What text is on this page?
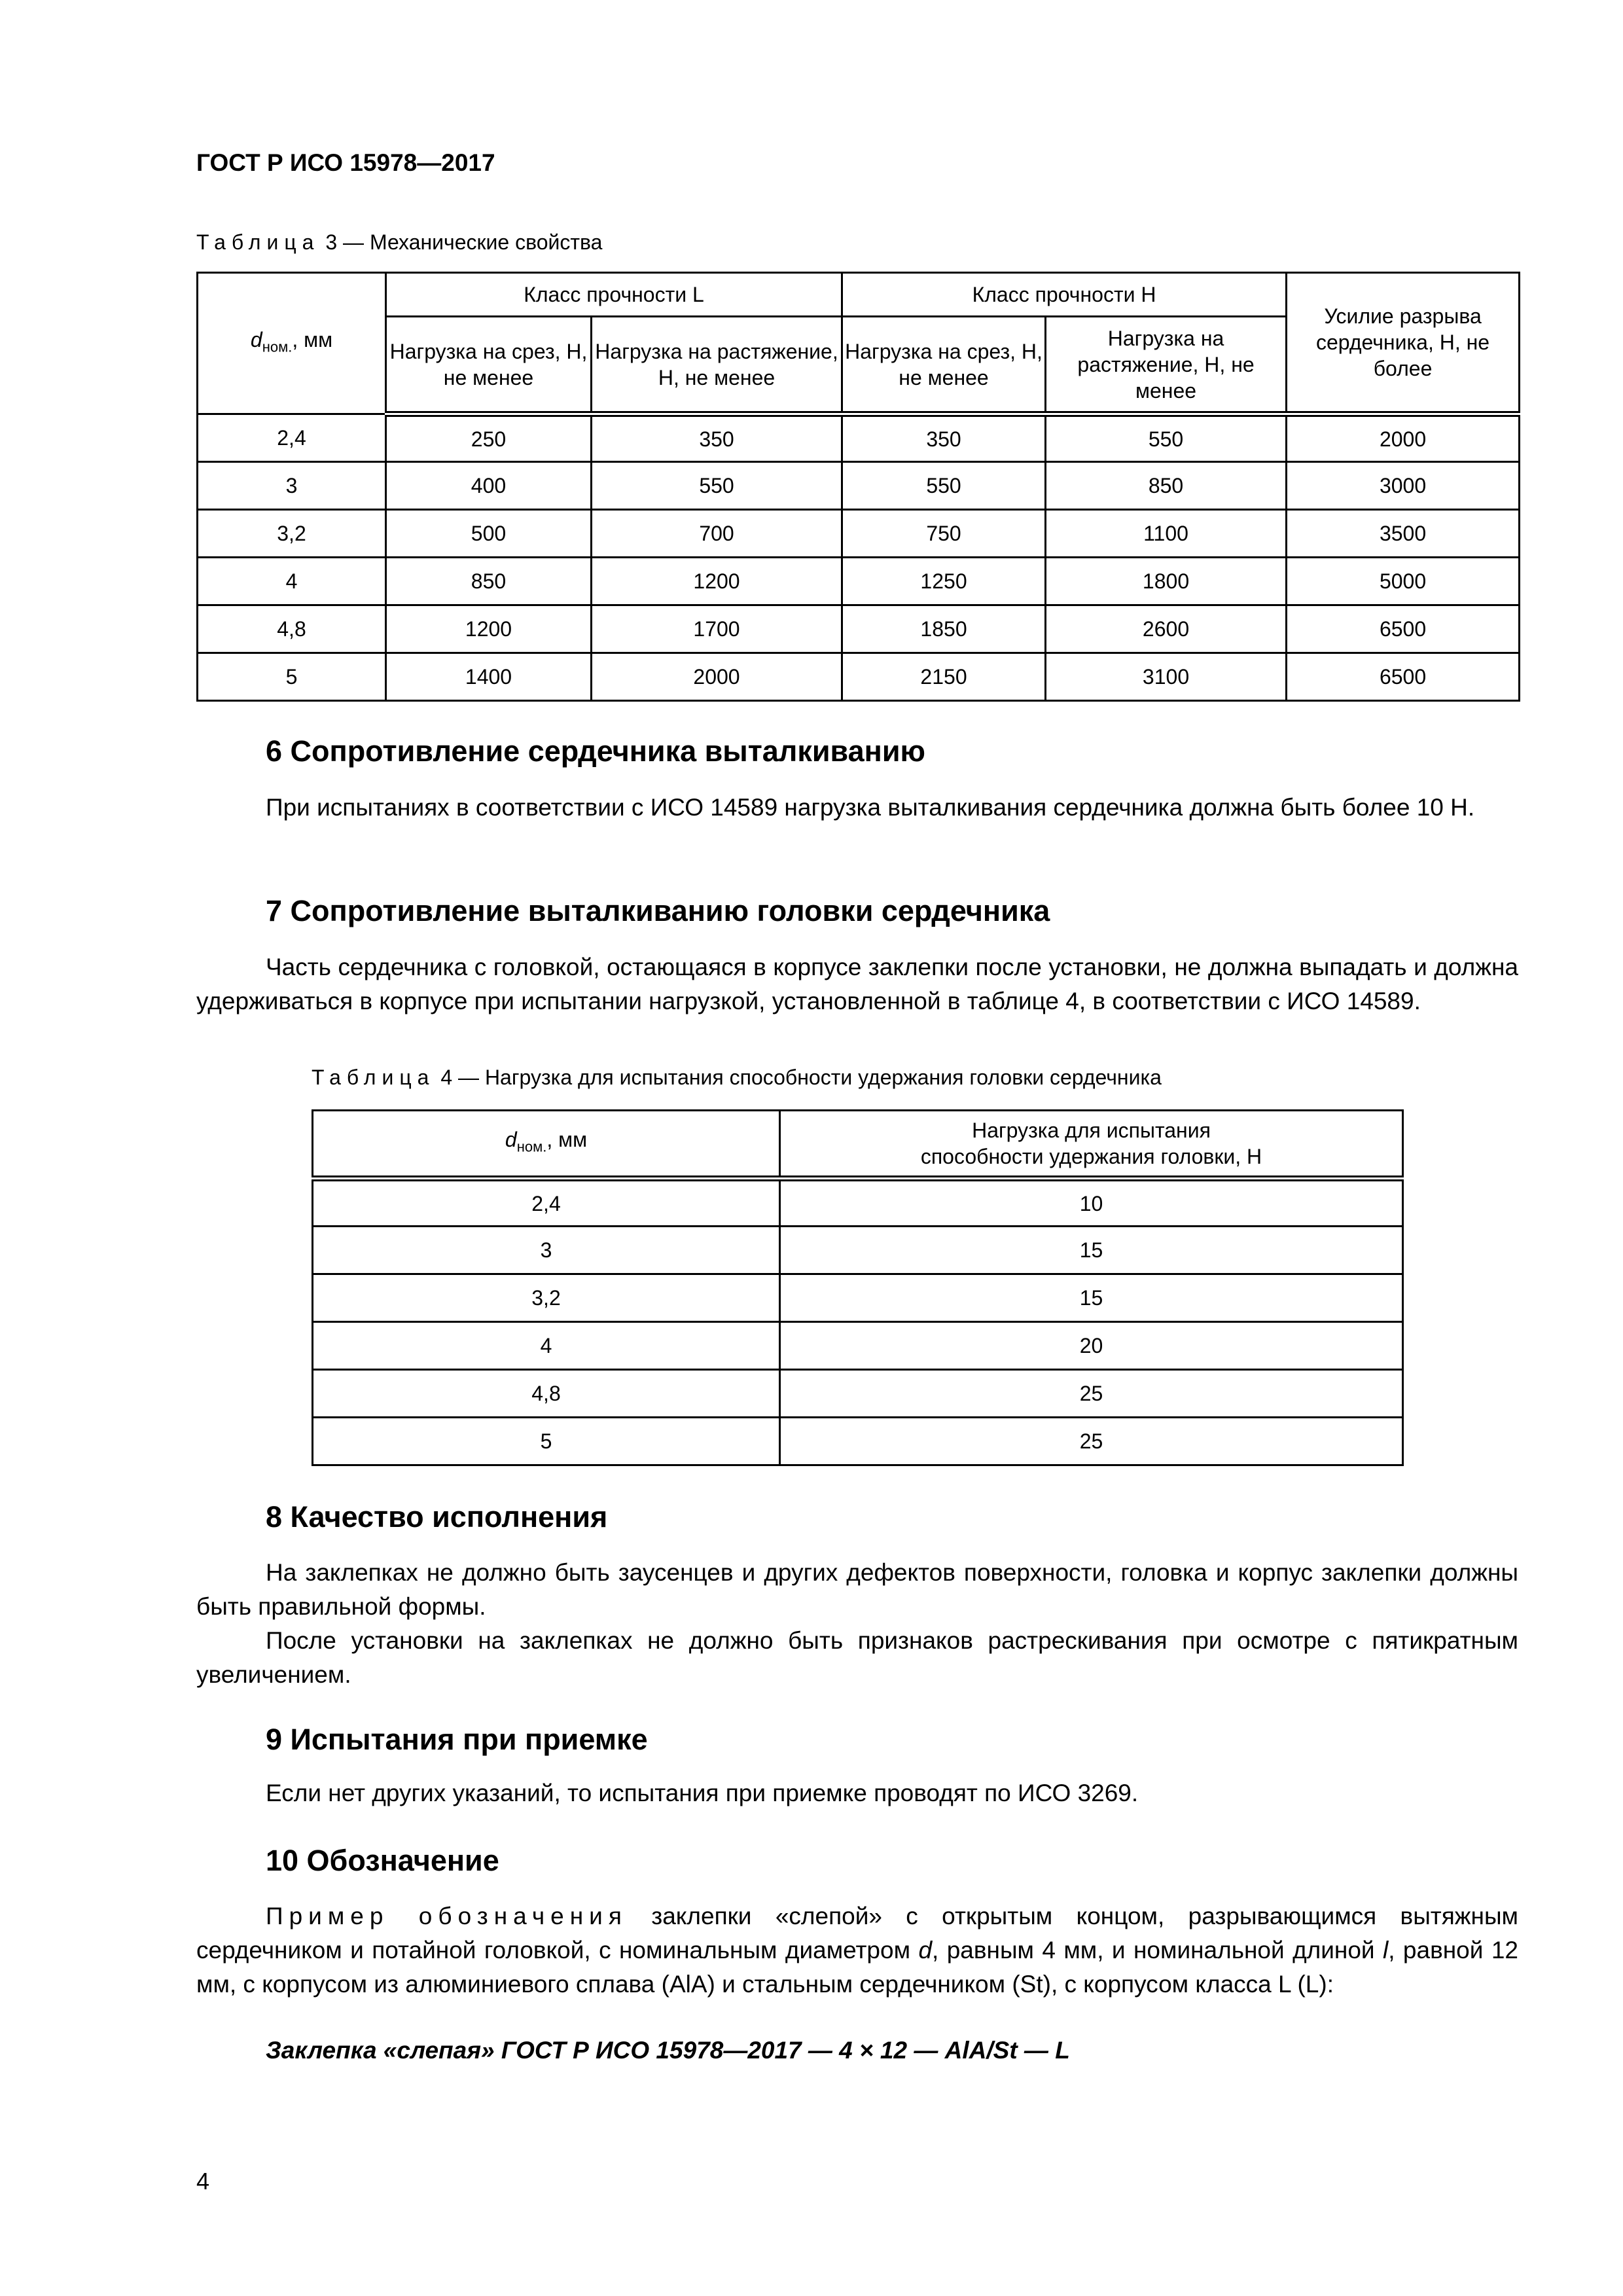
ГОСТ Р ИСО 15978—2017
Таблица 3 — Механические свойства
$d_{ном.}$, мм	Класс прочности L		Класс прочности H		Усилие разрыва сердечника, Н, не более
	Нагрузка на срез, Н, не менее	Нагрузка на растяжение, Н, не менее	Нагрузка на срез, Н, не менее	Нагрузка на растяжение, Н, не менее	
2,4	250	350	350	550	2000
3	400	550	550	850	3000
3,2	500	700	750	1100	3500
4	850	1200	1250	1800	5000
4,8	1200	1700	1850	2600	6500
5	1400	2000	2150	3100	6500
6 Сопротивление сердечника выталкиванию
При испытаниях в соответствии с ИСО 14589 нагрузка выталкивания сердечника должна быть более 10 Н.
7 Сопротивление выталкиванию головки сердечника
Часть сердечника с головкой, остающаяся в корпусе заклепки после установки, не должна выпадать и должна удерживаться в корпусе при испытании нагрузкой, установленной в таблице 4, в соответствии с ИСО 14589.
Таблица 4 — Нагрузка для испытания способности удержания головки сердечника
$d_{ном.}$, мм	Нагрузка для испытания способности удержания головки, Н
2,4	10
3	15
3,2	15
4	20
4,8	25
5	25
8 Качество исполнения
На заклепках не должно быть заусенцев и других дефектов поверхности, головка и корпус заклепки должны быть правильной формы.
После установки на заклепках не должно быть признаков растрескивания при осмотре с пятикратным увеличением.
9 Испытания при приемке
Если нет других указаний, то испытания при приемке проводят по ИСО 3269.
10 Обозначение
Пример обозначения заклепки «слепой» с открытым концом, разрывающимся вытяжным сердечником и потайной головкой, с номинальным диаметром d, равным 4 мм, и номинальной длиной l, равной 12 мм, с корпусом из алюминиевого сплава (AlA) и стальным сердечником (St), с корпусом класса L (L):
Заклепка «слепая» ГОСТ Р ИСО 15978—2017 — 4 × 12 — AlA/St — L
4
